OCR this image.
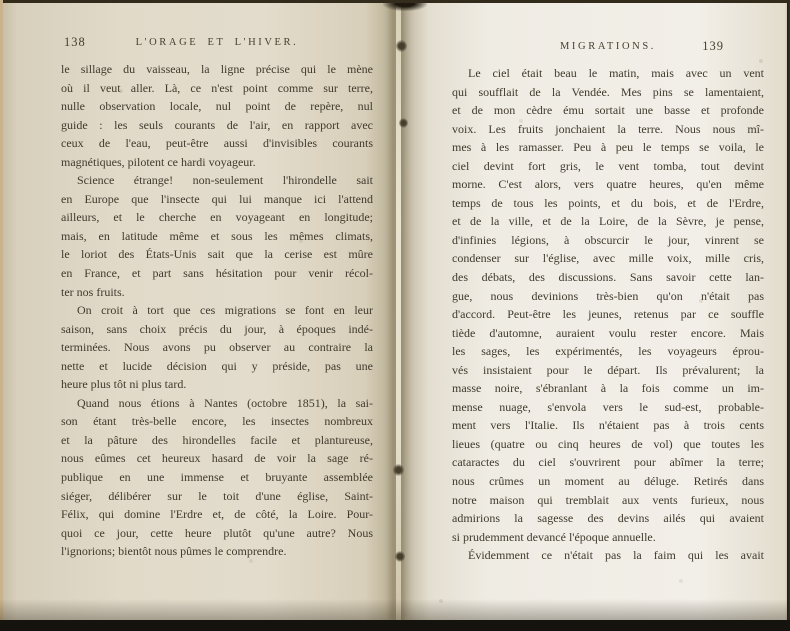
138	L'ORAGE ET L'HIVER.
le sillage du vaisseau, la ligne précise qui le mène
où il veut aller. Là, ce n'est point comme sur terre,
nulle observation locale, nul point de repère, nul
guide : les seuls courants de l'air, en rapport avec
ceux de l'eau, peut-être aussi d'invisibles courants
magnétiques, pilotent ce hardi voyageur.
Science étrange! non-seulement l'hirondelle sait
en Europe que l'insecte qui lui manque ici l'attend
ailleurs, et le cherche en voyageant en longitude;
mais, en latitude même et sous les mêmes climats,
le loriot des États-Unis sait que la cerise est mûre
en France, et part sans hésitation pour venir récol-
ter nos fruits.
On croit à tort que ces migrations se font en leur
saison, sans choix précis du jour, à époques indé-
terminées. Nous avons pu observer au contraire la
nette et lucide décision qui y préside, pas une
heure plus tôt ni plus tard.
Quand nous étions à Nantes (octobre 1851), la sai-
son étant très-belle encore, les insectes nombreux
et la pâture des hirondelles facile et plantureuse,
nous eûmes cet heureux hasard de voir la sage ré-
publique en une immense et bruyante assemblée
siéger, délibérer sur le toit d'une église, Saint-
Félix, qui domine l'Erdre et, de côté, la Loire. Pour-
quoi ce jour, cette heure plutôt qu'une autre? Nous
l'ignorions; bientôt nous pûmes le comprendre.
MIGRATIONS.	139
Le ciel était beau le matin, mais avec un vent
qui soufflait de la Vendée. Mes pins se lamentaient,
et de mon cèdre ému sortait une basse et profonde
voix. Les fruits jonchaient la terre. Nous nous mî-
mes à les ramasser. Peu à peu le temps se voila, le
ciel devint fort gris, le vent tomba, tout devint
morne. C'est alors, vers quatre heures, qu'en même
temps de tous les points, et du bois, et de l'Erdre,
et de la ville, et de la Loire, de la Sèvre, je pense,
d'infinies légions, à obscurcir le jour, vinrent se
condenser sur l'église, avec mille voix, mille cris,
des débats, des discussions. Sans savoir cette lan-
gue, nous devinions très-bien qu'on n'était pas
d'accord. Peut-être les jeunes, retenus par ce souffle
tiède d'automne, auraient voulu rester encore. Mais
les sages, les expérimentés, les voyageurs éprou-
vés insistaient pour le départ. Ils prévalurent; la
masse noire, s'ébranlant à la fois comme un im-
mense nuage, s'envola vers le sud-est, probable-
ment vers l'Italie. Ils n'étaient pas à trois cents
lieues (quatre ou cinq heures de vol) que toutes les
cataractes du ciel s'ouvrirent pour abîmer la terre;
nous crûmes un moment au déluge. Retirés dans
notre maison qui tremblait aux vents furieux, nous
admirions la sagesse des devins ailés qui avaient
si prudemment devancé l'époque annuelle.
Évidemment ce n'était pas la faim qui les avait
